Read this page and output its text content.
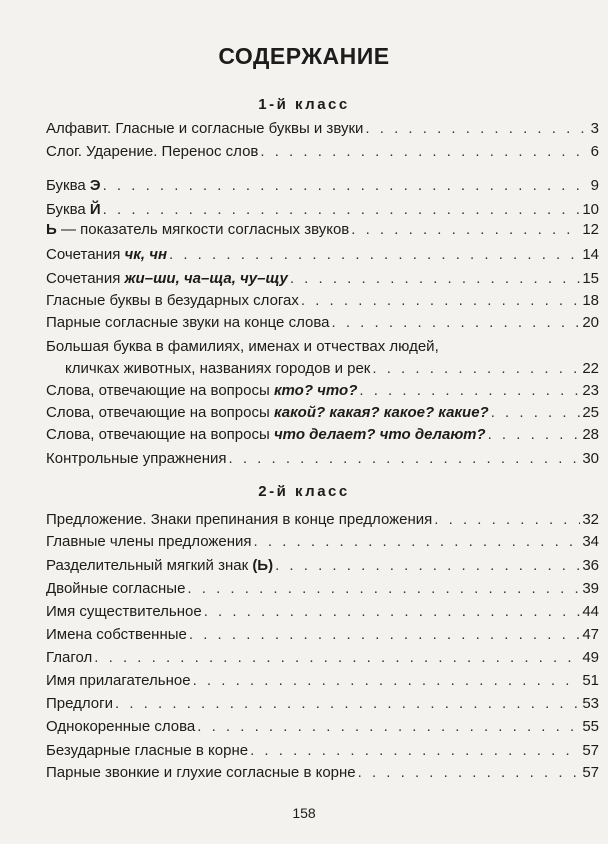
СОДЕРЖАНИЕ
1-й класс
Алфавит. Гласные и согласные буквы и звуки . . .	3
Слог. Ударение. Перенос слов . . .	6
Буква Э . . .	9
Буква Й . . .	10
Ь — показатель мягкости согласных звуков . . .	12
Сочетания чк, чн . . .	14
Сочетания жи–ши, ча–ща, чу–щу . . .	15
Гласные буквы в безударных слогах . . .	18
Парные согласные звуки на конце слова . . .	20
Большая буква в фамилиях, именах и отчествах людей,
кличках животных, названиях городов и рек . . .	22
Слова, отвечающие на вопросы кто? что? . . .	23
Слова, отвечающие на вопросы какой? какая? какое? какие? . . .	25
Слова, отвечающие на вопросы что делает? что делают? . . .	28
Контрольные упражнения . . .	30
2-й класс
Предложение. Знаки препинания в конце предложения . . .	32
Главные члены предложения . . .	34
Разделительный мягкий знак (Ь) . . .	36
Двойные согласные . . .	39
Имя существительное . . .	44
Имена собственные . . .	47
Глагол . . .	49
Имя прилагательное . . .	51
Предлоги . . .	53
Однокоренные слова . . .	55
Безударные гласные в корне . . .	57
Парные звонкие и глухие согласные в корне . . .	57
158
